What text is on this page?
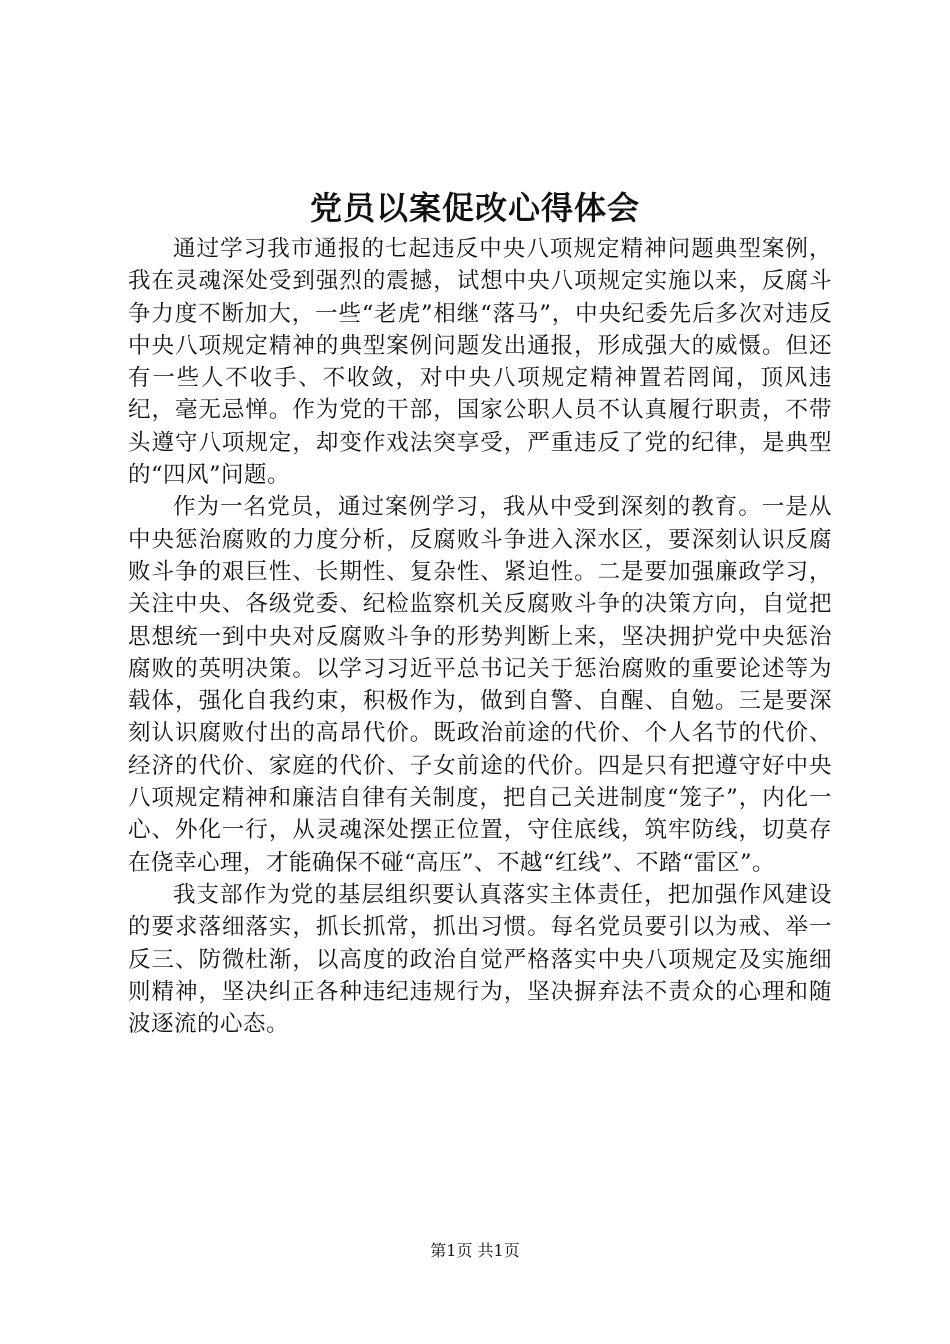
党员以案促改心得体会

通过学习我市通报的七起违反中央八项规定精神问题典型案例，我在灵魂深处受到强烈的震撼，试想中央八项规定实施以来，反腐斗争力度不断加大，一些“老虎”相继“落马”，中央纪委先后多次对违反中央八项规定精神的典型案例问题发出通报，形成强大的威慑。但还有一些人不收手、不收敛，对中央八项规定精神置若罔闻，顶风违纪，毫无忌惮。作为党的干部，国家公职人员不认真履行职责，不带头遵守八项规定，却变作戏法突享受，严重违反了党的纪律，是典型的“四风”问题。

作为一名党员，通过案例学习，我从中受到深刻的教育。一是从中央惩治腐败的力度分析，反腐败斗争进入深水区，要深刻认识反腐败斗争的艰巨性、长期性、复杂性、紧迫性。二是要加强廉政学习，关注中央、各级党委、纪检监察机关反腐败斗争的决策方向，自觉把思想统一到中央对反腐败斗争的形势判断上来，坚决拥护党中央惩治腐败的英明决策。以学习习近平总书记关于惩治腐败的重要论述等为载体，强化自我约束，积极作为，做到自警、自醒、自勉。三是要深刻认识腐败付出的高昂代价。既政治前途的代价、个人名节的代价、经济的代价、家庭的代价、子女前途的代价。四是只有把遵守好中央八项规定精神和廉洁自律有关制度，把自己关进制度“笼子”，内化一心、外化一行，从灵魂深处摆正位置，守住底线，筑牢防线，切莫存在侥幸心理，才能确保不碰“高压”、不越“红线”、不踏“雷区”。

我支部作为党的基层组织要认真落实主体责任，把加强作风建设的要求落细落实，抓长抓常，抓出习惯。每名党员要引以为戒、举一反三、防微杜渐，以高度的政治自觉严格落实中央八项规定及实施细则精神，坚决纠正各种违纪违规行为，坚决摒弃法不责众的心理和随波逐流的心态。

第1页 共1页
